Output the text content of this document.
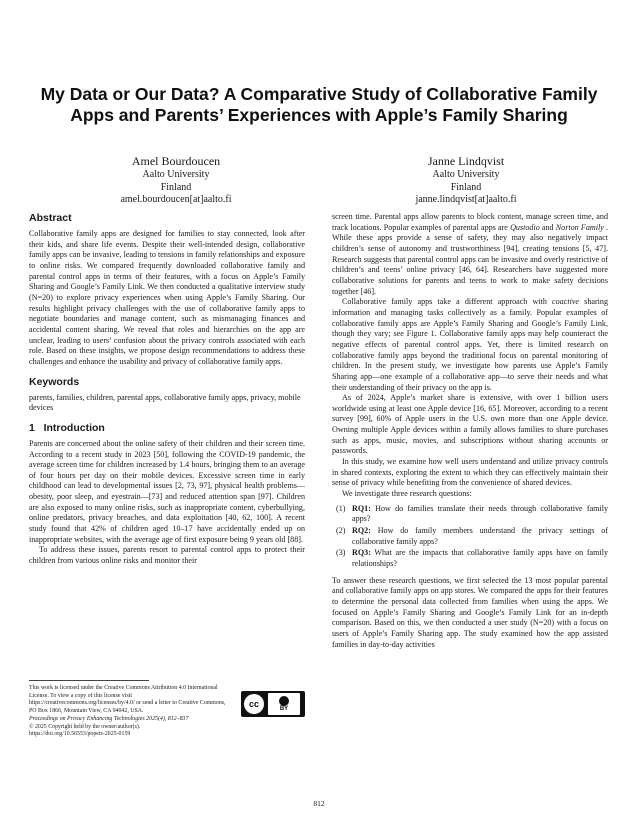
My Data or Our Data? A Comparative Study of Collaborative Family Apps and Parents’ Experiences with Apple’s Family Sharing
Amel Bourdoucen
Aalto University
Finland
amel.bourdoucen[at]aalto.fi
Janne Lindqvist
Aalto University
Finland
janne.lindqvist[at]aalto.fi
Abstract

Collaborative family apps are designed for families to stay connected, look after their kids, and share life events. Despite their well-intended design, collaborative family apps can be invasive, leading to tensions in family relationships and exposure to online risks. We compared frequently downloaded collaborative family and parental control apps in terms of their features, with a focus on Apple’s Family Sharing and Google’s Family Link. We then conducted a qualitative interview study (N=20) to explore privacy experiences when using Apple’s Family Sharing. Our results highlight privacy challenges with the use of collaborative family apps to negotiate boundaries and manage content, such as mismanaging finances and accidental content sharing. We reveal that roles and hierarchies on the app are unclear, leading to users’ confusion about the privacy controls associated with each role. Based on these insights, we propose design recommendations to address these challenges and enhance the usability and privacy of collaborative family apps.

Keywords

parents, families, children, parental apps, collaborative family apps, privacy, mobile devices

1   Introduction

Parents are concerned about the online safety of their children and their screen time. According to a recent study in 2023 [50], following the COVID-19 pandemic, the average screen time for children increased by 1.4 hours, bringing them to an average of four hours per day on their mobile devices. Excessive screen time in early childhood can lead to developmental issues [2, 73, 97], physical health problems—obesity, poor sleep, and eyestrain—[73] and reduced attention span [97]. Children are also exposed to many online risks, such as inappropriate content, cyberbullying, online predators, privacy breaches, and data exploitation [40, 62, 100]. A recent study found that 42% of children aged 10–17 have accidentally ended up on inappropriate websites, with the average age of first exposure being 9 years old [88].

To address these issues, parents resort to parental control apps to protect their children from various online risks and monitor their

screen time. Parental apps allow parents to block content, manage screen time, and track locations. Popular examples of parental apps are Qustodio and Norton Family . While these apps provide a sense of safety, they may also negatively impact children’s sense of autonomy and trustworthiness [94], creating tensions [5, 47]. Research suggests that parental control apps can be invasive and overly restrictive of children’s and teens’ online privacy [46, 64]. Researchers have suggested more collaborative solutions for parents and teens to work to make safety decisions together [46].

Collaborative family apps take a different approach with coactive sharing information and managing tasks collectively as a family. Popular examples of collaborative family apps are Apple’s Family Sharing and Google’s Family Link, though they vary; see Figure 1. Collaborative family apps may help counteract the negative effects of parental control apps. Yet, there is limited research on collaborative family apps beyond the traditional focus on parental monitoring of children. In the present study, we investigate how parents use Apple’s Family Sharing app—one example of a collaborative app—to serve their needs and what their understanding of their privacy on the app is.

As of 2024, Apple’s market share is extensive, with over 1 billion users worldwide using at least one Apple device [16, 65]. Moreover, according to a recent survey [99], 60% of Apple users in the U.S. own more than one Apple device. Owning multiple Apple devices within a family allows families to share purchases such as apps, music, movies, and subscriptions without sharing accounts or passwords.

In this study, we examine how well users understand and utilize privacy controls in shared contexts, exploring the extent to which they can effectively maintain their sense of privacy while benefiting from the convenience of shared devices.

We investigate three research questions:

(1) RQ1: How do families translate their needs through collaborative family apps?
(2) RQ2: How do family members understand the privacy settings of collaborative family apps?
(3) RQ3: What are the impacts that collaborative family apps have on family relationships?

To answer these research questions, we first selected the 13 most popular parental and collaborative family apps on app stores. We compared the apps for their features to determine the personal data collected from families when using the apps. We focused on Apple’s Family Sharing and Google’s Family Link for an in-depth comparison. Based on this, we then conducted a user study (N=20) with a focus on users of Apple’s Family Sharing app. The study examined how the app assisted families in day-to-day activities

This work is licensed under the Creative Commons Attribution 4.0 International License. To view a copy of this license visit https://creativecommons.org/licenses/by/4.0/ or send a letter to Creative Commons, PO Box 1866, Mountain View, CA 94042, USA.
cc	BY
Proceedings on Privacy Enhancing Technologies 2025(4), 812–837
© 2025 Copyright held by the owner/author(s).
https://doi.org/10.56553/popets-2025-0159
812
